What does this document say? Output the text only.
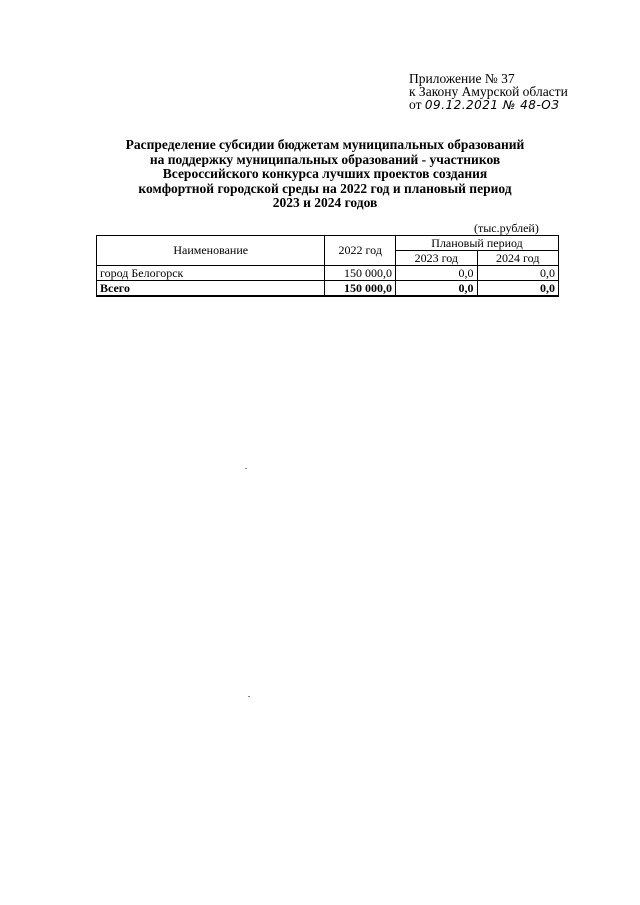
Приложение № 37
к Закону Амурской области
от 09.12.2021 № 48-ОЗ
Распределение субсидии бюджетам муниципальных образований
на поддержку муниципальных образований - участников
Всероссийского конкурса лучших проектов создания
комфортной городской среды на 2022 год и плановый период
2023 и 2024 годов
(тыс.рублей)
Наименование	2022 год	Плановый период	
		2023 год	2024 год
город Белогорск	150 000,0	0,0	0,0
Всего	150 000,0	0,0	0,0
